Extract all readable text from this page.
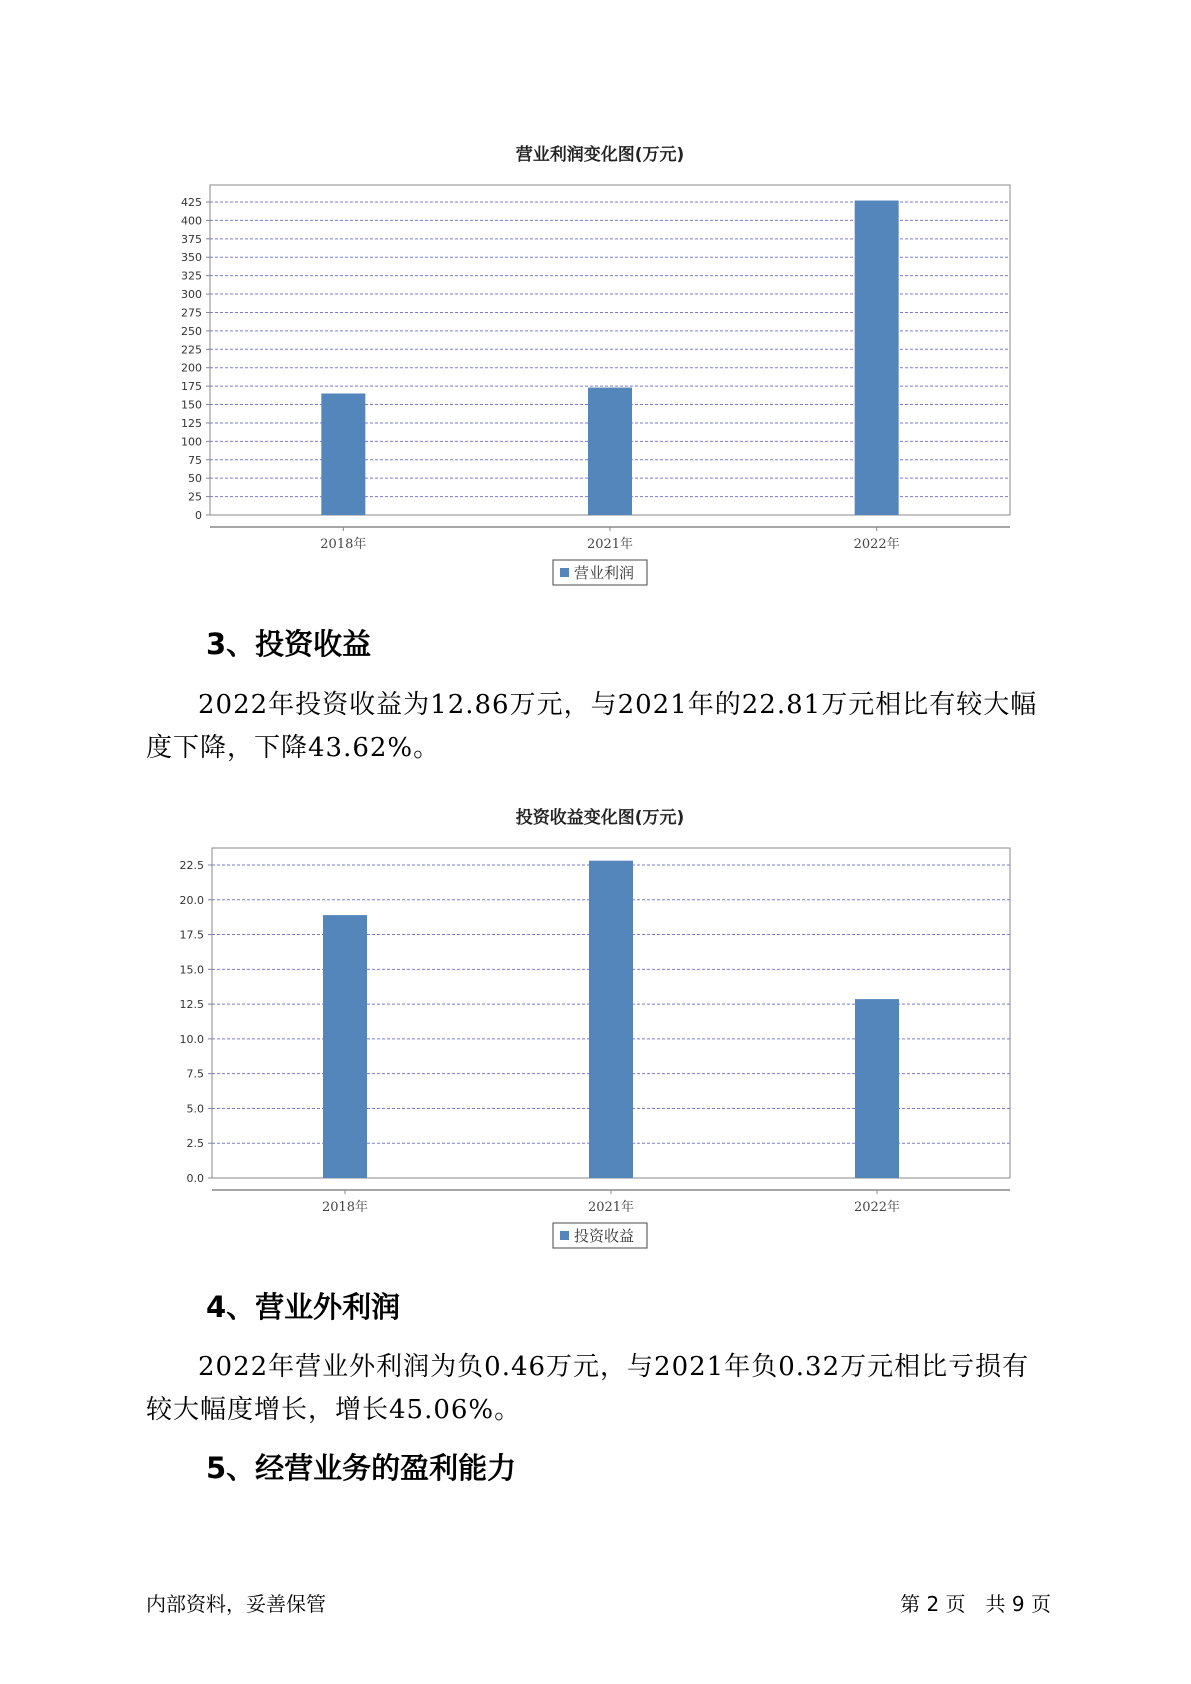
营业利润变化图(万元)
0
25
50
75
100
125
150
175
200
225
250
275
300
325
350
375
400
425
2018年	2021年	2022年
营业利润
3、投资收益
2022年投资收益为12.86万元，与2021年的22.81万元相比有较大幅度下降，下降43.62%。
投资收益变化图(万元)
0.0
2.5
5.0
7.5
10.0
12.5
15.0
17.5
20.0
22.5
2018年	2021年	2022年
投资收益
4、营业外利润
2022年营业外利润为负0.46万元，与2021年负0.32万元相比亏损有较大幅度增长，增长45.06%。
5、经营业务的盈利能力
内部资料，妥善保管	第 2 页　共 9 页
